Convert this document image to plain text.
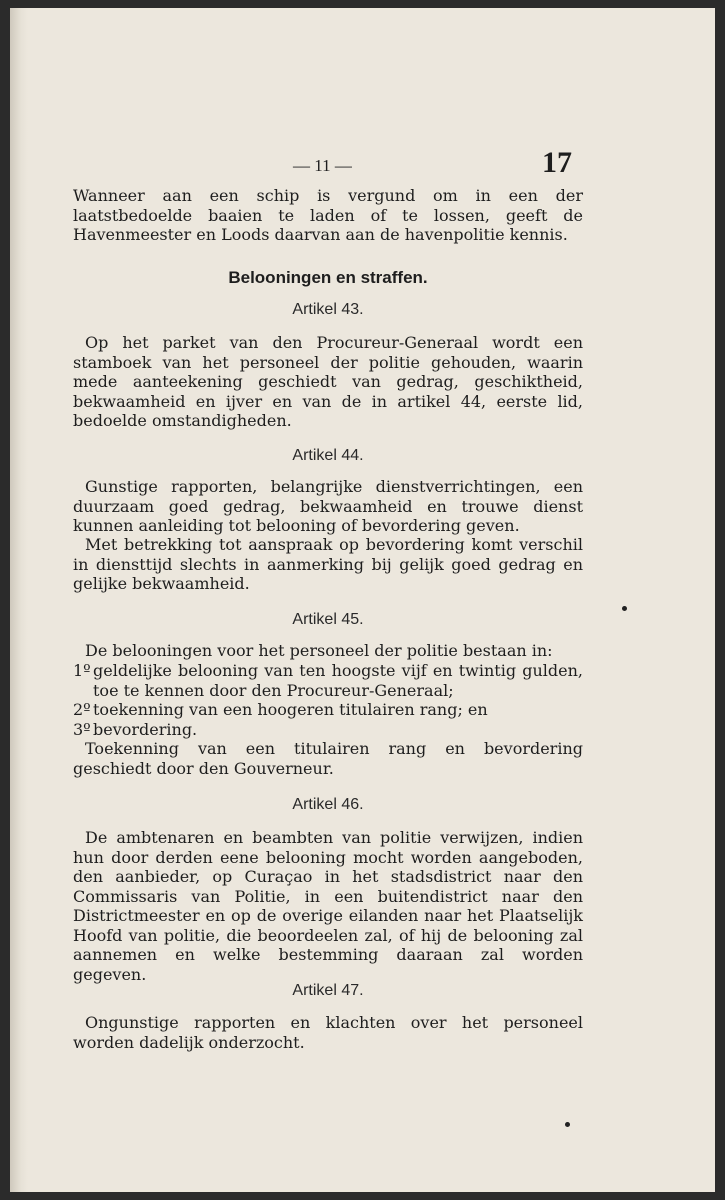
— 11 —	17
Wanneer aan een schip is vergund om in een der laatstbedoelde baaien te laden of te lossen, geeft de Havenmeester en Loods daarvan aan de havenpolitie kennis.
Belooningen en straffen.
Artikel 43.
Op het parket van den Procureur-Generaal wordt een stamboek van het personeel der politie gehouden, waarin mede aanteekening geschiedt van gedrag, geschiktheid, bekwaamheid en ijver en van de in artikel 44, eerste lid, bedoelde omstandigheden.
Artikel 44.
Gunstige rapporten, belangrijke dienstverrichtingen, een duurzaam goed gedrag, bekwaamheid en trouwe dienst kunnen aanleiding tot belooning of bevordering geven.
Met betrekking tot aanspraak op bevordering komt verschil in diensttijd slechts in aanmerking bij gelijk goed gedrag en gelijke bekwaamheid.
Artikel 45.
De belooningen voor het personeel der politie bestaan in:
1º geldelijke belooning van ten hoogste vijf en twintig gulden, toe te kennen door den Procureur-Generaal;
2º toekenning van een hoogeren titulairen rang; en
3º bevordering.
Toekenning van een titulairen rang en bevordering geschiedt door den Gouverneur.
Artikel 46.
De ambtenaren en beambten van politie verwijzen, indien hun door derden eene belooning mocht worden aangeboden, den aanbieder, op Curaçao in het stadsdistrict naar den Commissaris van Politie, in een buitendistrict naar den Districtmeester en op de overige eilanden naar het Plaatselijk Hoofd van politie, die beoordeelen zal, of hij de belooning zal aannemen en welke bestemming daaraan zal worden gegeven.
Artikel 47.
Ongunstige rapporten en klachten over het personeel worden dadelijk onderzocht.
